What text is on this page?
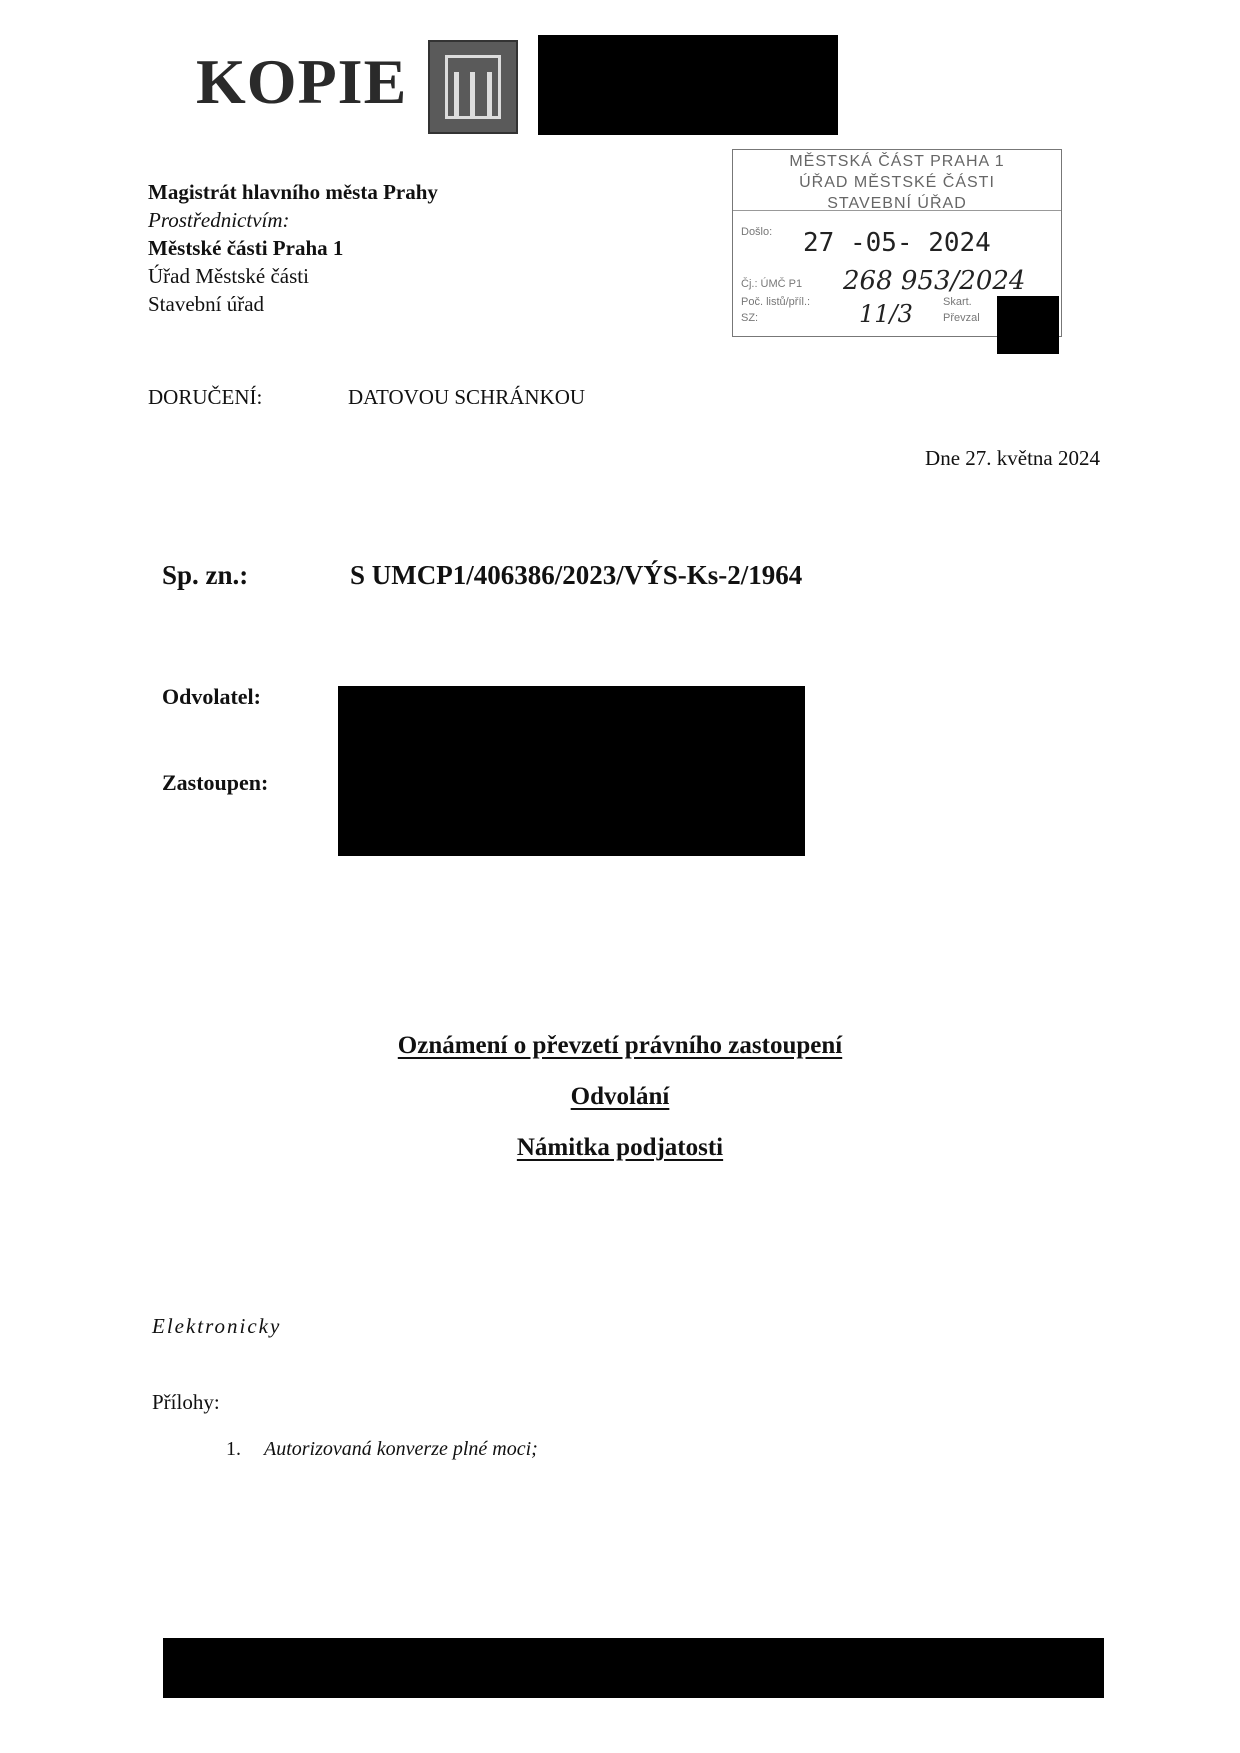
KOPIE
Magistrát hlavního města Prahy
Prostřednictvím:
Městské části Praha 1
Úřad Městské části
Stavební úřad
MĚSTSKÁ ČÁST PRAHA 1
ÚŘAD MĚSTSKÉ ČÁSTI
STAVEBNÍ ÚŘAD
Došlo: 27 -05- 2024
Čj.: ÚMČ P1 268 953/2024
Poč. listů/příl.:
SZ:	11/3	Skart.
Převzal
DORUČENÍ:	DATOVOU SCHRÁNKOU
Dne 27. května 2024
Sp. zn.:	S UMCP1/406386/2023/VÝS-Ks-2/1964
Odvolatel:
Zastoupen:
Oznámení o převzetí právního zastoupení
Odvolání
Námitka podjatosti
Elektronicky
Přílohy:
1. Autorizovaná konverze plné moci;
